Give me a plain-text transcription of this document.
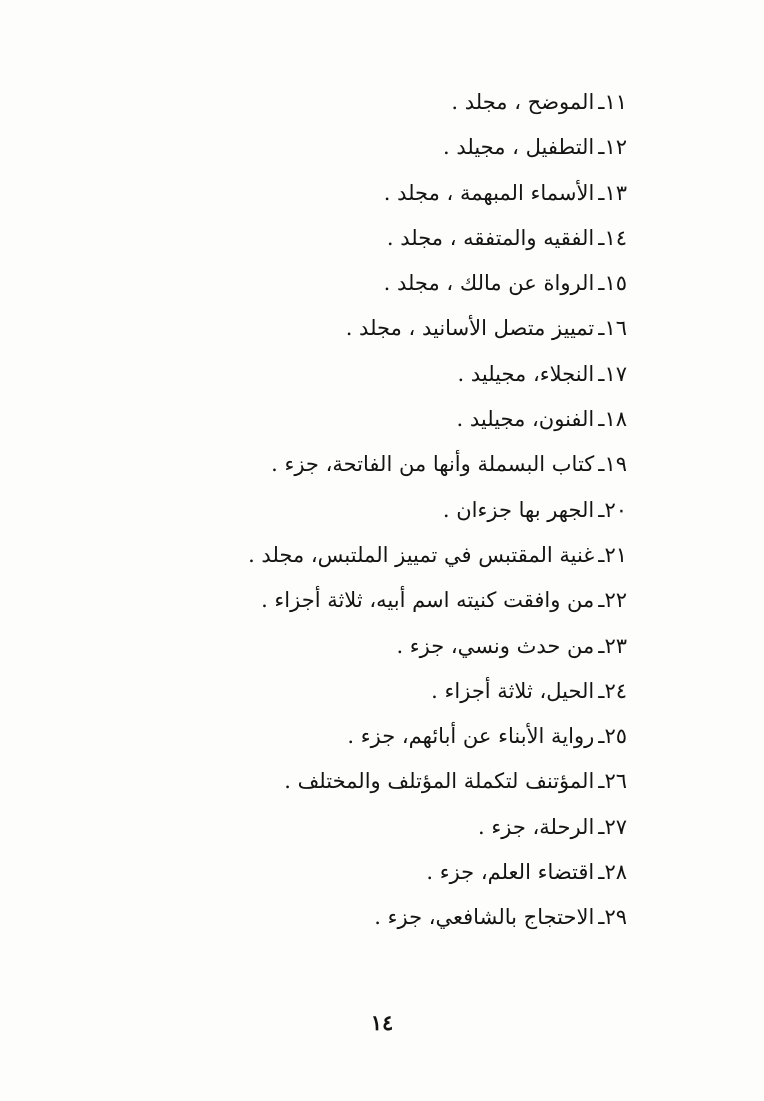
١١ـالموضح ، مجلد .
١٢ـالتطفيل ، مجيلد .
١٣ـالأسماء المبهمة ، مجلد .
١٤ـالفقيه والمتفقه ، مجلد .
١٥ـالرواة عن مالك ، مجلد .
١٦ـتمييز متصل الأسانيد ، مجلد .
١٧ـالنجلاء، مجيليد .
١٨ـالفنون، مجيليد .
١٩ـكتاب البسملة وأنها من الفاتحة، جزء .
٢٠ـالجهر بها جزءان .
٢١ـغنية المقتبس في تمييز الملتبس، مجلد .
٢٢ـمن وافقت كنيته اسم أبيه، ثلاثة أجزاء .
٢٣ـمن حدث ونسي، جزء .
٢٤ـالحيل، ثلاثة أجزاء .
٢٥ـرواية الأبناء عن أبائهم، جزء .
٢٦ـالمؤتنف لتكملة المؤتلف والمختلف .
٢٧ـالرحلة، جزء .
٢٨ـاقتضاء العلم، جزء .
٢٩ـالاحتجاج بالشافعي، جزء .
١٤
